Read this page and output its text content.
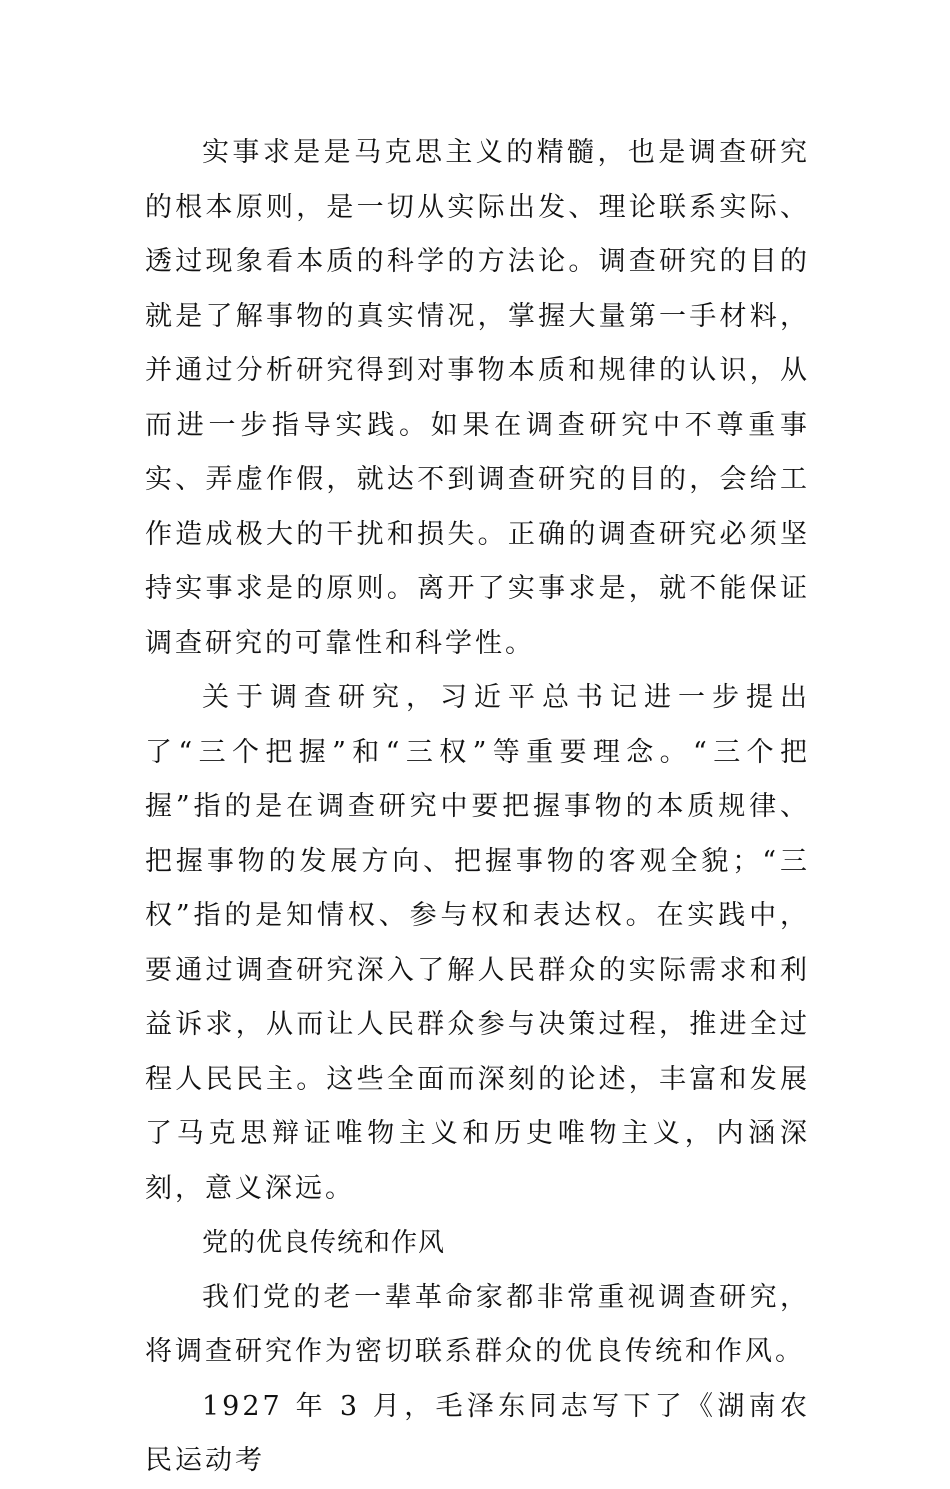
实事求是是马克思主义的精髓，也是调查研究的根本原则，是一切从实际出发、理论联系实际、透过现象看本质的科学的方法论。调查研究的目的就是了解事物的真实情况，掌握大量第一手材料，并通过分析研究得到对事物本质和规律的认识，从而进一步指导实践。如果在调查研究中不尊重事实、弄虚作假，就达不到调查研究的目的，会给工作造成极大的干扰和损失。正确的调查研究必须坚持实事求是的原则。离开了实事求是，就不能保证调查研究的可靠性和科学性。

关于调查研究，习近平总书记进一步提出了“三个把握”和“三权”等重要理念。“三个把握”指的是在调查研究中要把握事物的本质规律、把握事物的发展方向、把握事物的客观全貌；“三权”指的是知情权、参与权和表达权。在实践中，要通过调查研究深入了解人民群众的实际需求和利益诉求，从而让人民群众参与决策过程，推进全过程人民民主。这些全面而深刻的论述，丰富和发展了马克思辩证唯物主义和历史唯物主义，内涵深刻，意义深远。

党的优良传统和作风

我们党的老一辈革命家都非常重视调查研究，将调查研究作为密切联系群众的优良传统和作风。

1927 年 3 月，毛泽东同志写下了《湖南农民运动考
